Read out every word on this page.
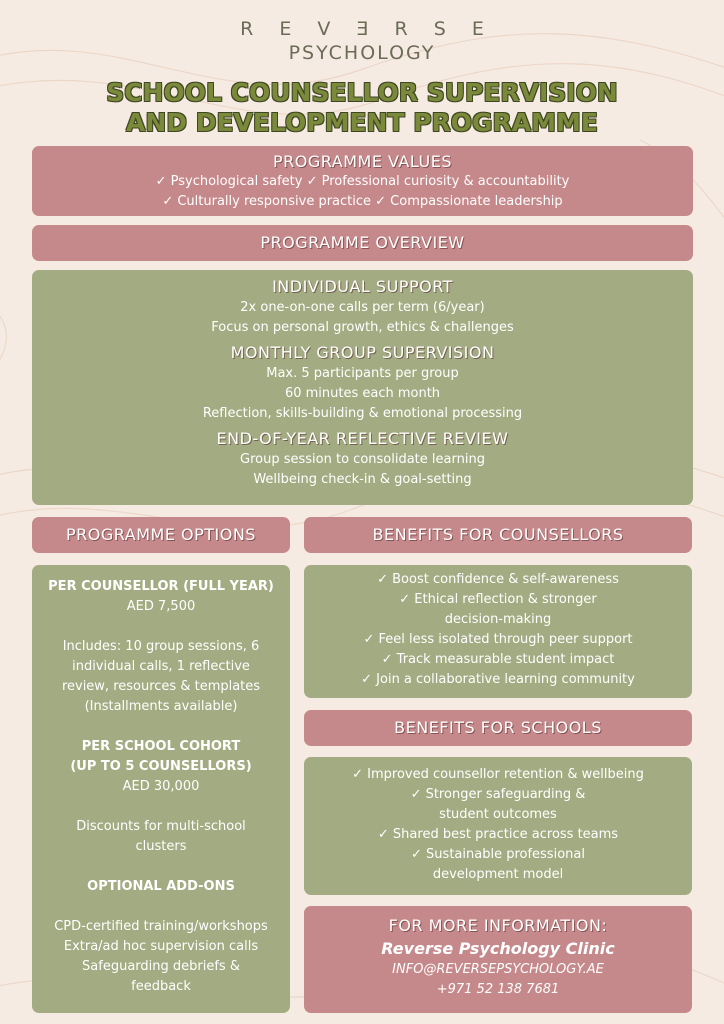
R E V Ǝ R S E
PSYCHOLOGY
SCHOOL COUNSELLOR SUPERVISION
AND DEVELOPMENT PROGRAMME
PROGRAMME VALUES
✓ Psychological safety ✓ Professional curiosity & accountability
✓ Culturally responsive practice ✓ Compassionate leadership
PROGRAMME OVERVIEW
INDIVIDUAL SUPPORT
2x one-on-one calls per term (6/year)
Focus on personal growth, ethics & challenges
MONTHLY GROUP SUPERVISION
Max. 5 participants per group
60 minutes each month
Reflection, skills-building & emotional processing
END-OF-YEAR REFLECTIVE REVIEW
Group session to consolidate learning
Wellbeing check-in & goal-setting
PROGRAMME OPTIONS
PER COUNSELLOR (FULL YEAR)
AED 7,500
Includes: 10 group sessions, 6
individual calls, 1 reflective
review, resources & templates
(Installments available)
PER SCHOOL COHORT
(UP TO 5 COUNSELLORS)
AED 30,000
Discounts for multi-school
clusters
OPTIONAL ADD-ONS
CPD-certified training/workshops
Extra/ad hoc supervision calls
Safeguarding debriefs &
feedback
BENEFITS FOR COUNSELLORS
✓ Boost confidence & self-awareness
✓ Ethical reflection & stronger
decision-making
✓ Feel less isolated through peer support
✓ Track measurable student impact
✓ Join a collaborative learning community
BENEFITS FOR SCHOOLS
✓ Improved counsellor retention & wellbeing
✓ Stronger safeguarding &
student outcomes
✓ Shared best practice across teams
✓ Sustainable professional
development model
FOR MORE INFORMATION:
Reverse Psychology Clinic
INFO@REVERSEPSYCHOLOGY.AE
+971 52 138 7681
